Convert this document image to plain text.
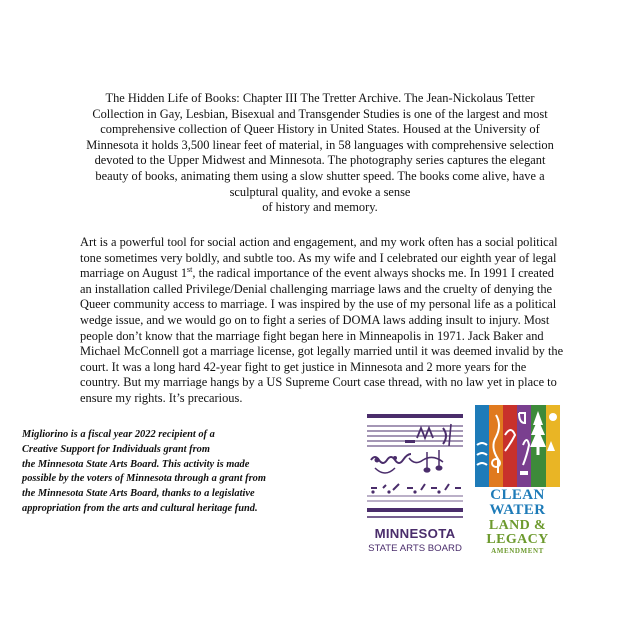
The Hidden Life of Books: Chapter III The Tretter Archive. The Jean-Nickolaus Tetter
Collection in Gay, Lesbian, Bisexual and Transgender Studies is one of the largest and most
comprehensive collection of Queer History in United States. Housed at the University of
Minnesota it holds 3,500 linear feet of material, in 58 languages with comprehensive selection
devoted to the Upper Midwest and Minnesota. The photography series captures the elegant
beauty of books, animating them using a slow shutter speed. The books come alive, have a
sculptural quality, and evoke a sense
of history and memory.
Art is a powerful tool for social action and engagement, and my work often has a social political
tone sometimes very boldly, and subtle too. As my wife and I celebrated our eighth year of legal
marriage on August 1st, the radical importance of the event always shocks me. In 1991 I created
an installation called Privilege/Denial challenging marriage laws and the cruelty of denying the
Queer community access to marriage. I was inspired by the use of my personal life as a political
wedge issue, and we would go on to fight a series of DOMA laws adding insult to injury. Most
people don’t know that the marriage fight began here in Minneapolis in 1971. Jack Baker and
Michael McConnell got a marriage license, got legally married until it was deemed invalid by the
court. It was a long hard 42-year fight to get justice in Minnesota and 2 more years for the
country. But my marriage hangs by a US Supreme Court case thread, with no law yet in place to
ensure my rights. It’s precarious.
Migliorino is a fiscal year 2022 recipient of a
Creative Support for Individuals grant from
the Minnesota State Arts Board. This activity is made
possible by the voters of Minnesota through a grant from
the Minnesota State Arts Board, thanks to a legislative
appropriation from the arts and cultural heritage fund.
MINNESOTA
STATE ARTS BOARD
CLEAN
WATER
LAND &
LEGACY
AMENDMENT
